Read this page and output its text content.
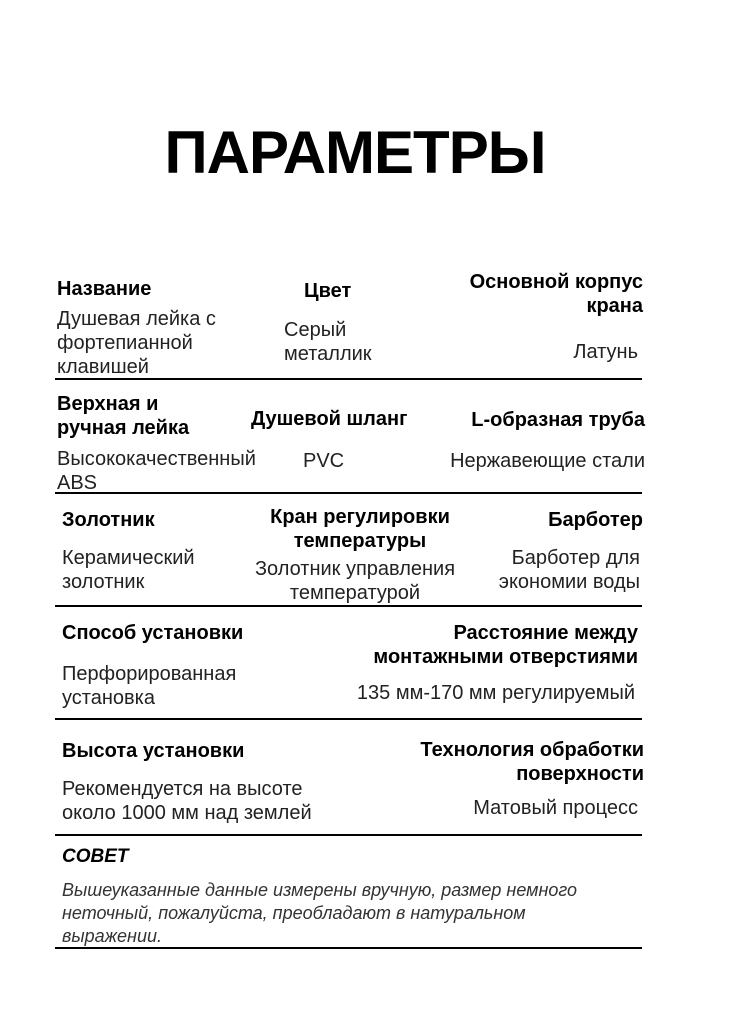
ПАРАМЕТРЫ
Название
Душевая лейка с
фортепианной
клавишей
Цвет
Серый
металлик
Основной корпус
крана
Латунь
Верхная и
ручная лейка
Высококачественный
ABS
Душевой шланг
PVC
L-образная труба
Нержавеющие стали
Золотник
Керамический
золотник
Кран регулировки
температуры
Золотник управления
температурой
Барботер
Барботер для
экономии воды
Способ установки
Перфорированная
установка
Расстояние между
монтажными отверстиями
135 мм-170 мм регулируемый
Высота установки
Рекомендуется на высоте
около 1000 мм над землей
Технология обработки
поверхности
Матовый процесс
СОВЕТ
Вышеуказанные данные измерены вручную, размер немного
неточный, пожалуйста, преобладают в натуральном
выражении.
